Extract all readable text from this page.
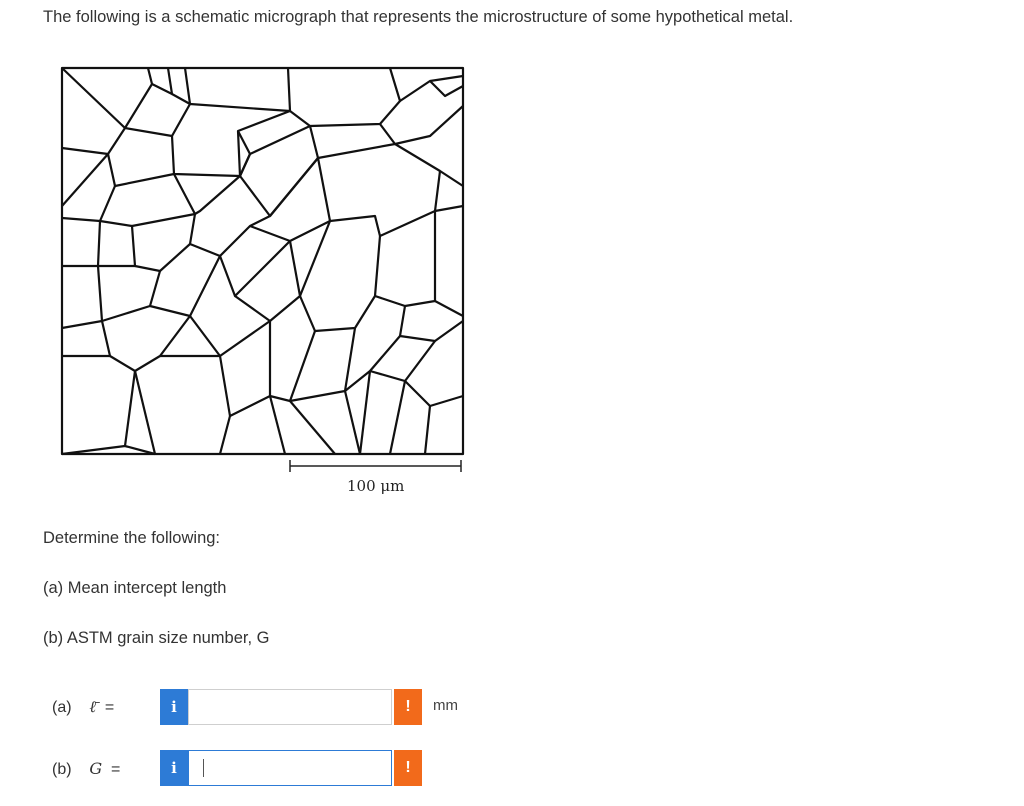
The following is a schematic micrograph that represents the microstructure of some hypothetical metal.
100 μm
Determine the following:
(a) Mean intercept length
(b) ASTM grain size number, G
(a) ℓ̄ =	i	!	mm
(b) G =	i	!
